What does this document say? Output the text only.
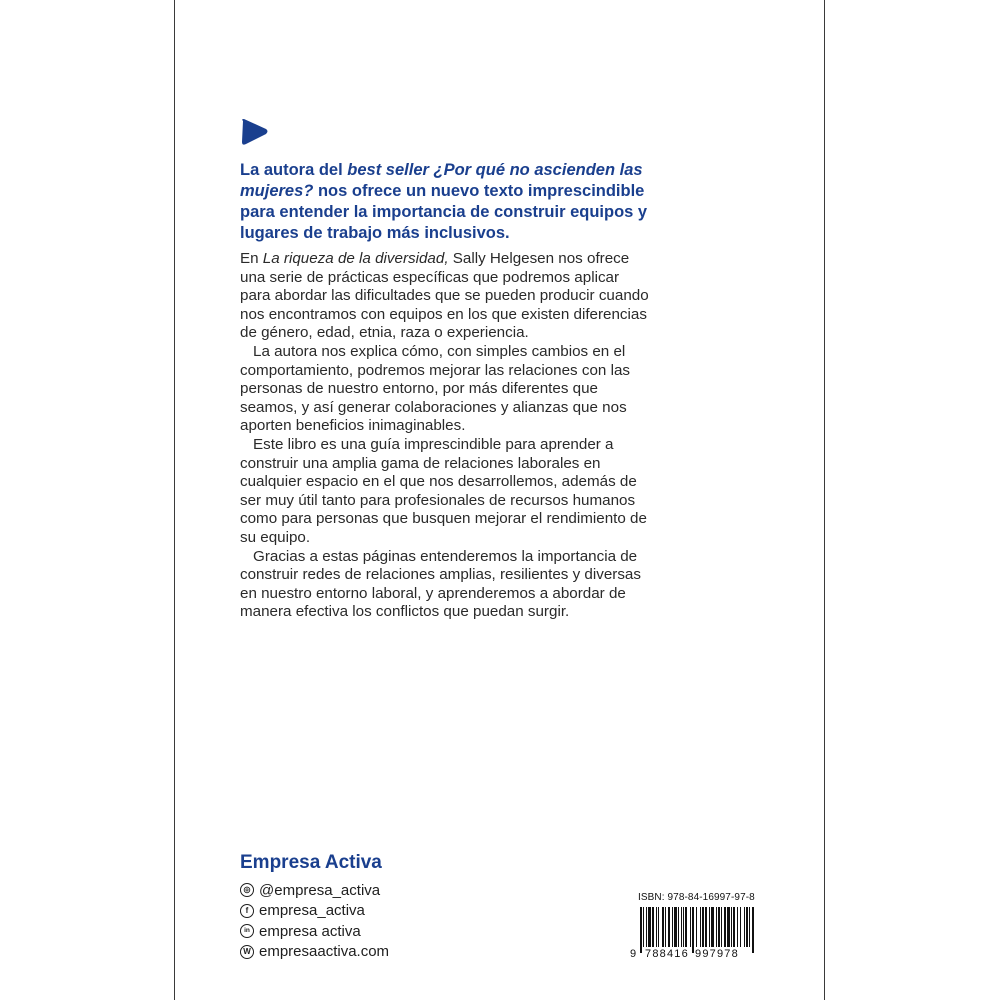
La autora del best seller ¿Por qué no ascienden las mujeres? nos ofrece un nuevo texto imprescindible para entender la importancia de construir equipos y lugares de trabajo más inclusivos.

En La riqueza de la diversidad, Sally Helgesen nos ofrece una serie de prácticas específicas que podremos aplicar para abordar las dificultades que se pueden producir cuando nos encontramos con equipos en los que existen diferencias de género, edad, etnia, raza o experiencia.

La autora nos explica cómo, con simples cambios en el comportamiento, podremos mejorar las relaciones con las personas de nuestro entorno, por más diferentes que seamos, y así generar colaboraciones y alianzas que nos aporten beneficios inimaginables.

Este libro es una guía imprescindible para aprender a construir una amplia gama de relaciones laborales en cualquier espacio en el que nos desarrollemos, además de ser muy útil tanto para profesionales de recursos humanos como para personas que busquen mejorar el rendimiento de su equipo.

Gracias a estas páginas entenderemos la importancia de construir redes de relaciones amplias, resilientes y diversas en nuestro entorno laboral, y aprenderemos a abordar de manera efectiva los conflictos que puedan surgir.

Empresa Activa
◎ @empresa_activa
f empresa_activa
in empresa activa
W empresaactiva.com
ISBN: 978-84-16997-97-8
9 788416 997978
